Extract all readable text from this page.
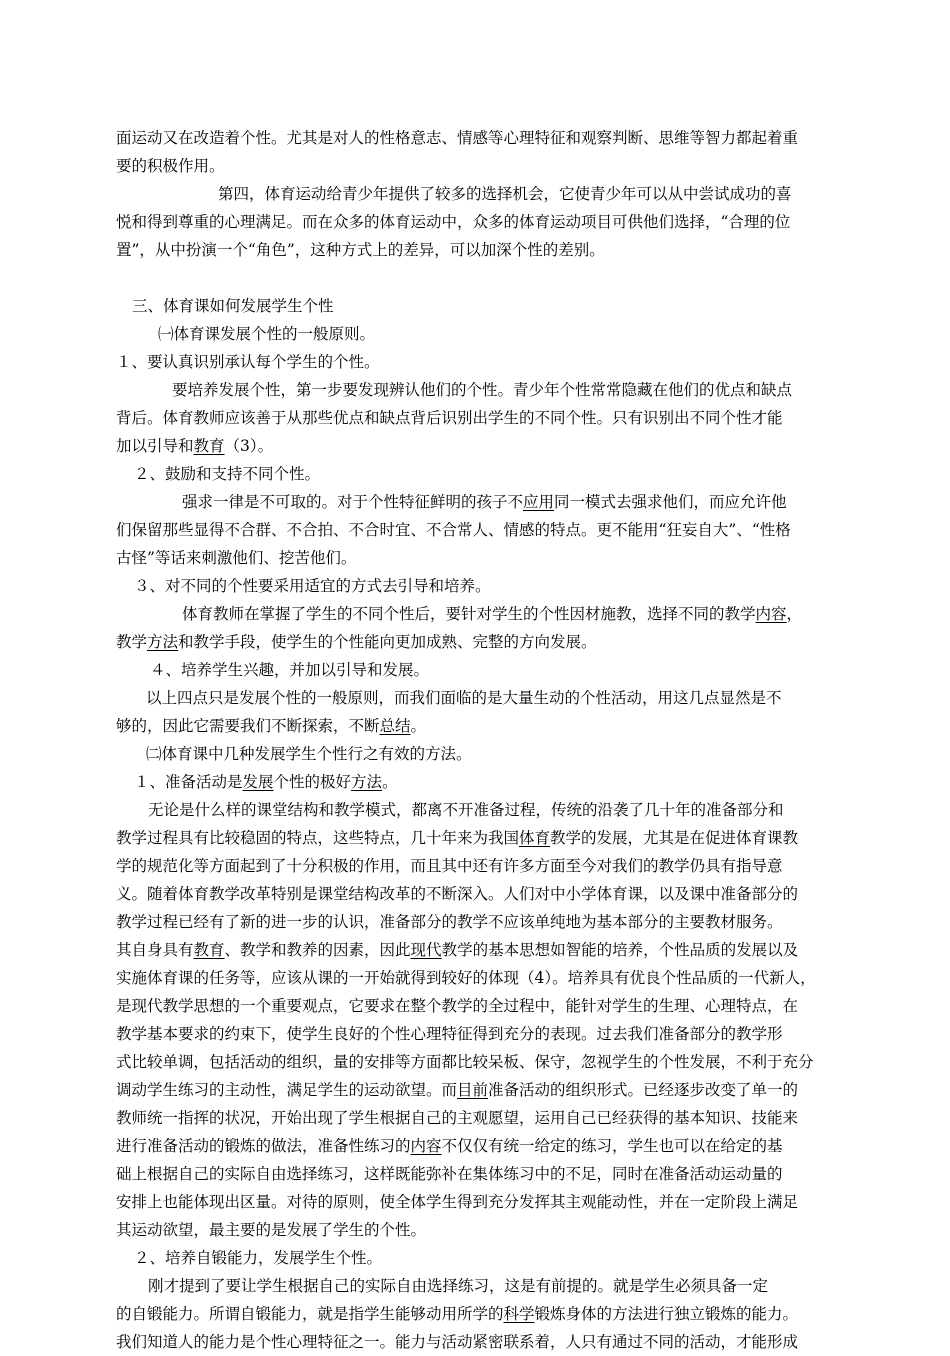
面运动又在改造着个性。尤其是对人的性格意志、情感等心理特征和观察判断、思维等智力都起着重

要的积极作用。

第四，体育运动给青少年提供了较多的选择机会，它使青少年可以从中尝试成功的喜

悦和得到尊重的心理满足。而在众多的体育运动中，众多的体育运动项目可供他们选择，“合理的位

置”，从中扮演一个“角色”，这种方式上的差异，可以加深个性的差别。

三、体育课如何发展学生个性

㈠体育课发展个性的一般原则。

１、要认真识别承认每个学生的个性。

要培养发展个性，第一步要发现辨认他们的个性。青少年个性常常隐藏在他们的优点和缺点

背后。体育教师应该善于从那些优点和缺点背后识别出学生的不同个性。只有识别出不同个性才能

加以引导和教育（3）。

２、鼓励和支持不同个性。

强求一律是不可取的。对于个性特征鲜明的孩子不应用同一模式去强求他们，而应允许他

们保留那些显得不合群、不合拍、不合时宜、不合常人、情感的特点。更不能用“狂妄自大”、“性格

古怪”等话来刺激他们、挖苦他们。

３、对不同的个性要采用适宜的方式去引导和培养。

体育教师在掌握了学生的不同个性后，要针对学生的个性因材施教，选择不同的教学内容，

教学方法和教学手段，使学生的个性能向更加成熟、完整的方向发展。

４、培养学生兴趣，并加以引导和发展。

以上四点只是发展个性的一般原则，而我们面临的是大量生动的个性活动，用这几点显然是不

够的，因此它需要我们不断探索，不断总结。

㈡体育课中几种发展学生个性行之有效的方法。

１、准备活动是发展个性的极好方法。

无论是什么样的课堂结构和教学模式，都离不开准备过程，传统的沿袭了几十年的准备部分和

教学过程具有比较稳固的特点，这些特点，几十年来为我国体育教学的发展，尤其是在促进体育课教

学的规范化等方面起到了十分积极的作用，而且其中还有许多方面至今对我们的教学仍具有指导意

义。随着体育教学改革特别是课堂结构改革的不断深入。人们对中小学体育课，以及课中准备部分的

教学过程已经有了新的进一步的认识，准备部分的教学不应该单纯地为基本部分的主要教材服务。

其自身具有教育、教学和教养的因素，因此现代教学的基本思想如智能的培养，个性品质的发展以及

实施体育课的任务等，应该从课的一开始就得到较好的体现（4）。培养具有优良个性品质的一代新人，

是现代教学思想的一个重要观点，它要求在整个教学的全过程中，能针对学生的生理、心理特点，在

教学基本要求的约束下，使学生良好的个性心理特征得到充分的表现。过去我们准备部分的教学形

式比较单调，包括活动的组织，量的安排等方面都比较呆板、保守，忽视学生的个性发展，不利于充分

调动学生练习的主动性，满足学生的运动欲望。而目前准备活动的组织形式。已经逐步改变了单一的

教师统一指挥的状况，开始出现了学生根据自己的主观愿望，运用自己已经获得的基本知识、技能来

进行准备活动的锻炼的做法，准备性练习的内容不仅仅有统一给定的练习，学生也可以在给定的基

础上根据自己的实际自由选择练习，这样既能弥补在集体练习中的不足，同时在准备活动运动量的

安排上也能体现出区量。对待的原则，使全体学生得到充分发挥其主观能动性，并在一定阶段上满足

其运动欲望，最主要的是发展了学生的个性。

２、培养自锻能力，发展学生个性。

刚才提到了要让学生根据自己的实际自由选择练习，这是有前提的。就是学生必须具备一定

的自锻能力。所谓自锻能力，就是指学生能够动用所学的科学锻炼身体的方法进行独立锻炼的能力。

我们知道人的能力是个性心理特征之一。能力与活动紧密联系着，人只有通过不同的活动，才能形成
